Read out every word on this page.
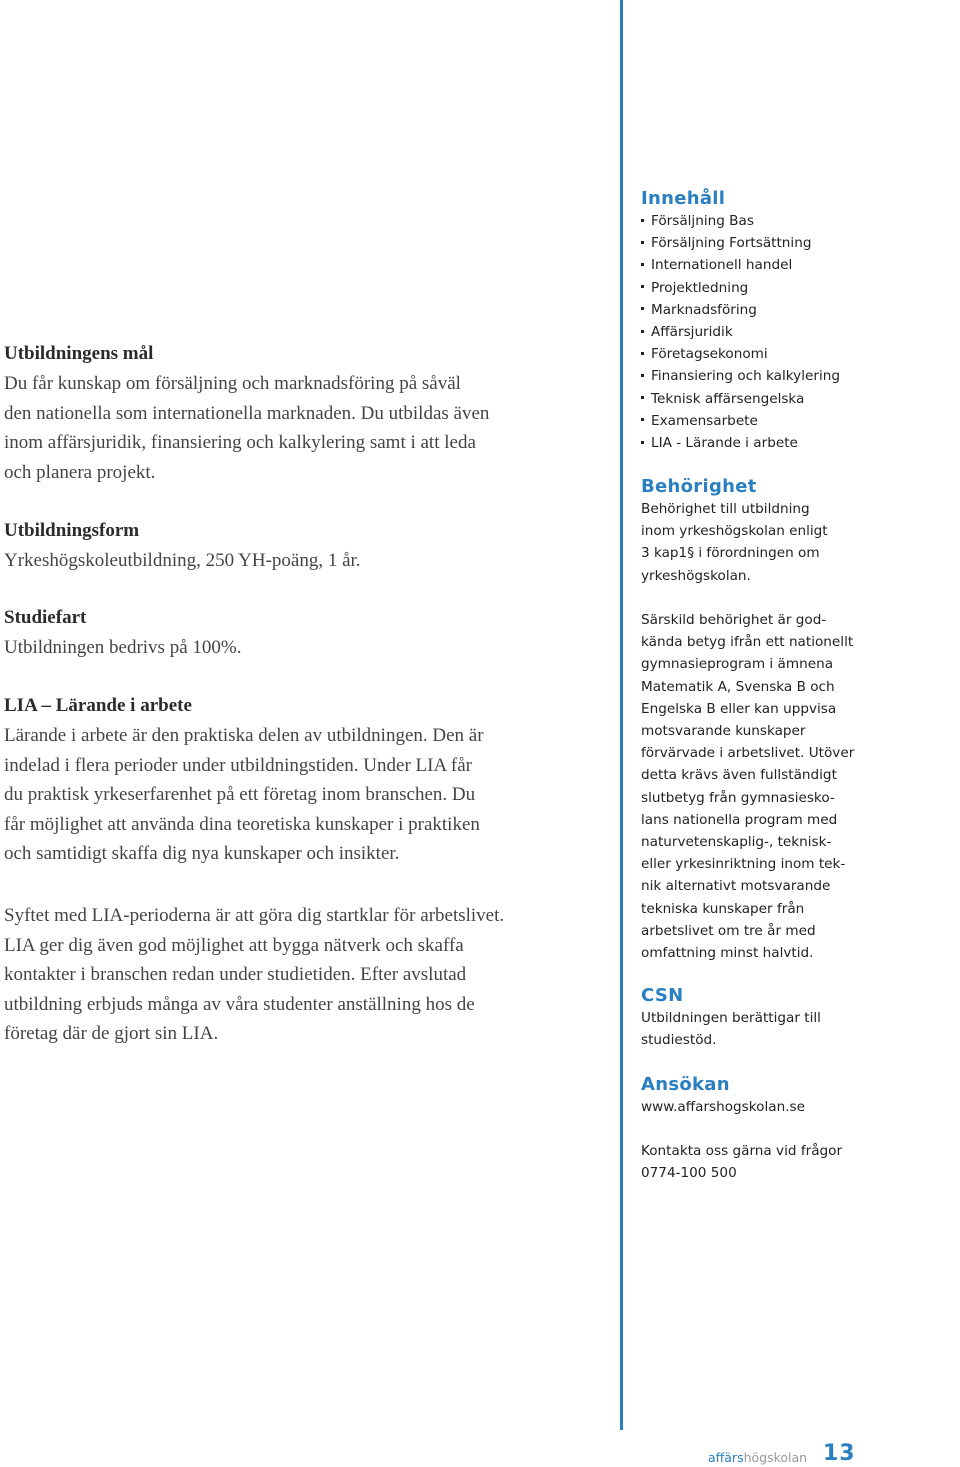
Utbildningens mål

Du får kunskap om försäljning och marknadsföring på såväl

den nationella som internationella marknaden. Du utbildas även

inom affärsjuridik, finansiering och kalkylering samt i att leda

och planera projekt.

Utbildningsform

Yrkeshögskoleutbildning, 250 YH-poäng, 1 år.

Studiefart

Utbildningen bedrivs på 100%.

LIA – Lärande i arbete

Lärande i arbete är den praktiska delen av utbildningen. Den är

indelad i flera perioder under utbildningstiden. Under LIA får

du praktisk yrkeserfarenhet på ett företag inom branschen. Du

får möjlighet att använda dina teoretiska kunskaper i praktiken

och samtidigt skaffa dig nya kunskaper och insikter.

Syftet med LIA-perioderna är att göra dig startklar för arbetslivet.

LIA ger dig även god möjlighet att bygga nätverk och skaffa

kontakter i branschen redan under studietiden. Efter avslutad

utbildning erbjuds många av våra studenter anställning hos de

företag där de gjort sin LIA.

Innehåll
Försäljning Bas
Försäljning Fortsättning
Internationell handel
Projektledning
Marknadsföring
Affärsjuridik
Företagsekonomi
Finansiering och kalkylering
Teknisk affärsengelska
Examensarbete
LIA - Lärande i arbete
Behörighet

Behörighet till utbildning

inom yrkeshögskolan enligt

3 kap1§ i förordningen om

yrkeshögskolan.

Särskild behörighet är god-

kända betyg ifrån ett nationellt

gymnasieprogram i ämnena

Matematik A, Svenska B och

Engelska B eller kan uppvisa

motsvarande kunskaper

förvärvade i arbetslivet. Utöver

detta krävs även fullständigt

slutbetyg från gymnasiesko-

lans nationella program med

naturvetenskaplig-, teknisk-

eller yrkesinriktning inom tek-

nik alternativt motsvarande

tekniska kunskaper från

arbetslivet om tre år med

omfattning minst halvtid.

CSN

Utbildningen berättigar till

studiestöd.

Ansökan

www.affarshogskolan.se

Kontakta oss gärna vid frågor

0774-100 500

affärshögskolan 13
